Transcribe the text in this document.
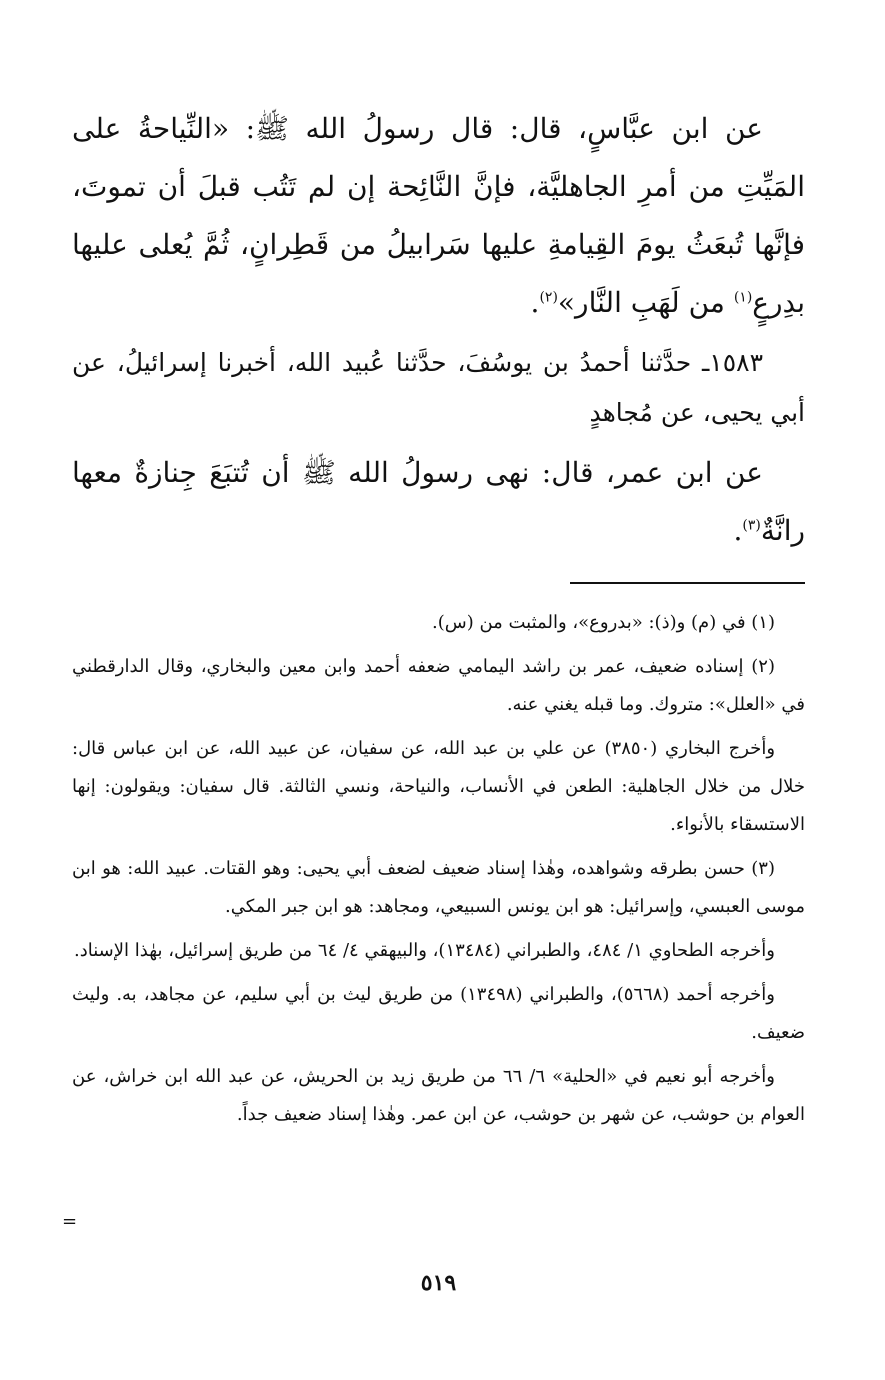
عن ابن عبَّاسٍ، قال: قال رسولُ الله ﷺ: «النِّياحةُ على المَيِّتِ من أمرِ الجاهليَّة، فإنَّ النَّائِحة إن لم تَتُب قبلَ أن تموتَ، فإنَّها تُبعَثُ يومَ القِيامةِ عليها سَرابيلُ من قَطِرانٍ، ثُمَّ يُعلى عليها بدِرعٍ$^{(١)}$ من لَهَبِ النَّار»$^{(٢)}$.

١٥٨٣ـ حدَّثنا أحمدُ بن يوسُفَ، حدَّثنا عُبيد الله، أخبرنا إسرائيلُ، عن أبي يحيى، عن مُجاهدٍ

عن ابن عمر، قال: نهى رسولُ الله ﷺ أن تُتبَعَ جِنازةٌ معها رانَّةٌ$^{(٣)}$.

(١) في (م) و(ذ): «بدروع»، والمثبت من (س).

(٢) إسناده ضعيف، عمر بن راشد اليمامي ضعفه أحمد وابن معين والبخاري، وقال الدارقطني في «العلل»: متروك. وما قبله يغني عنه.

وأخرج البخاري (٣٨٥٠) عن علي بن عبد الله، عن سفيان، عن عبيد الله، عن ابن عباس قال: خلال من خلال الجاهلية: الطعن في الأنساب، والنياحة، ونسي الثالثة. قال سفيان: ويقولون: إنها الاستسقاء بالأنواء.

(٣) حسن بطرقه وشواهده، وهٰذا إسناد ضعيف لضعف أبي يحيى: وهو القتات. عبيد الله: هو ابن موسى العبسي، وإسرائيل: هو ابن يونس السبيعي، ومجاهد: هو ابن جبر المكي.

وأخرجه الطحاوي ١/ ٤٨٤، والطبراني (١٣٤٨٤)، والبيهقي ٤/ ٦٤ من طريق إسرائيل، بهٰذا الإسناد.

وأخرجه أحمد (٥٦٦٨)، والطبراني (١٣٤٩٨) من طريق ليث بن أبي سليم، عن مجاهد، به. وليث ضعيف.

وأخرجه أبو نعيم في «الحلية» ٦/ ٦٦ من طريق زيد بن الحريش، عن عبد الله ابن خراش، عن العوام بن حوشب، عن شهر بن حوشب، عن ابن عمر. وهٰذا إسناد ضعيف جداً.

=
٥١٩
